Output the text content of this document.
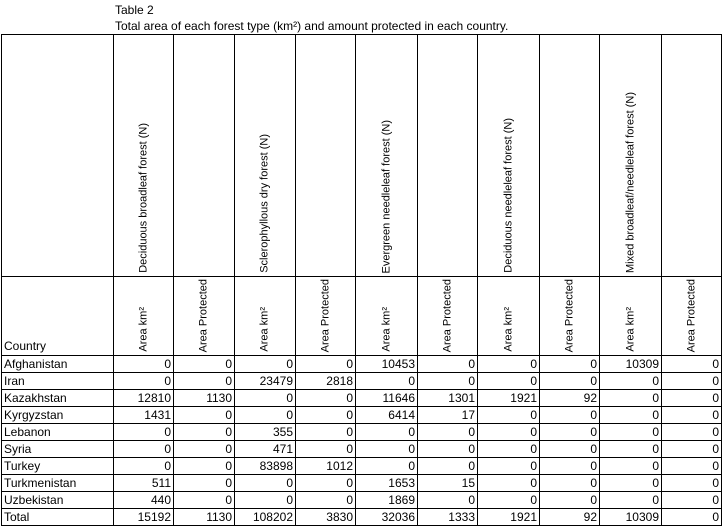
Table 2
Total area of each forest type (km²) and amount protected in each country.

	Deciduous broadleaf forest (N)		Sclerophyllous dry forest (N)		Evergreen needleleaf forest (N)		Deciduous needleleaf forest (N)		Mixed broadleaf/needleleaf forest (N)	

Country	Area km²	Area Protected	Area km²	Area Protected	Area km²	Area Protected	Area km²	Area Protected	Area km²	Area Protected

Afghanistan	0	0	0	0	10453	0	0	0	10309	0
Iran	0	0	23479	2818	0	0	0	0	0	0
Kazakhstan	12810	1130	0	0	11646	1301	1921	92	0	0
Kyrgyzstan	1431	0	0	0	6414	17	0	0	0	0
Lebanon	0	0	355	0	0	0	0	0	0	0
Syria	0	0	471	0	0	0	0	0	0	0
Turkey	0	0	83898	1012	0	0	0	0	0	0
Turkmenistan	511	0	0	0	1653	15	0	0	0	0
Uzbekistan	440	0	0	0	1869	0	0	0	0	0
Total	15192	1130	108202	3830	32036	1333	1921	92	10309	0
